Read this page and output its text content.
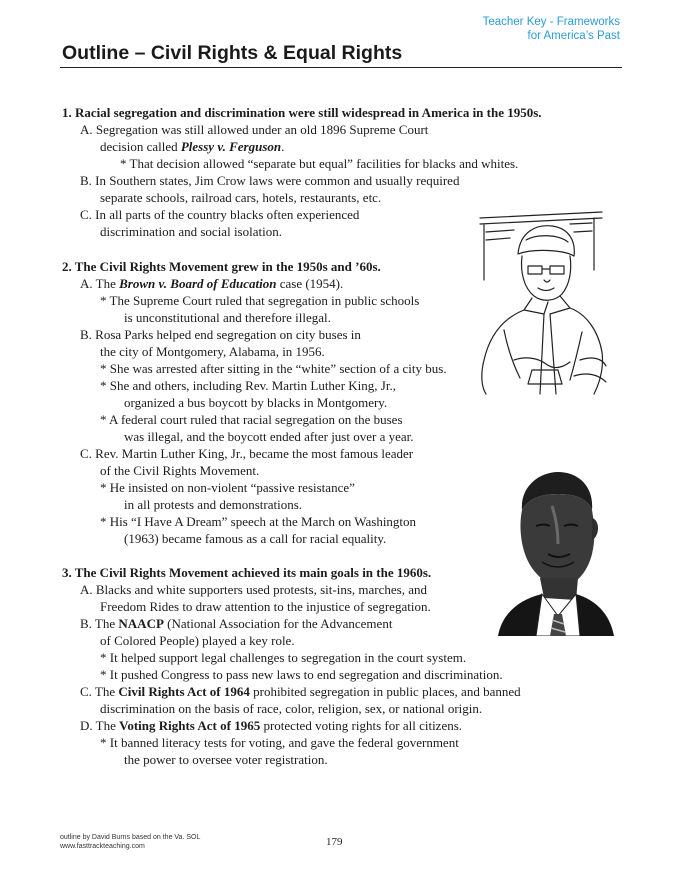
Teacher Key - Frameworks
for America’s Past
Outline – Civil Rights & Equal Rights
1. Racial segregation and discrimination were still widespread in America in the 1950s.
A. Segregation was still allowed under an old 1896 Supreme Court
decision called Plessy v. Ferguson.
* That decision allowed “separate but equal” facilities for blacks and whites.
B. In Southern states, Jim Crow laws were common and usually required
separate schools, railroad cars, hotels, restaurants, etc.
C. In all parts of the country blacks often experienced
discrimination and social isolation.
2. The Civil Rights Movement grew in the 1950s and ’60s.
A. The Brown v. Board of Education case (1954).
* The Supreme Court ruled that segregation in public schools
is unconstitutional and therefore illegal.
B. Rosa Parks helped end segregation on city buses in
the city of Montgomery, Alabama, in 1956.
* She was arrested after sitting in the “white” section of a city bus.
* She and others, including Rev. Martin Luther King, Jr.,
organized a bus boycott by blacks in Montgomery.
* A federal court ruled that racial segregation on the buses
was illegal, and the boycott ended after just over a year.
C. Rev. Martin Luther King, Jr., became the most famous leader
of the Civil Rights Movement.
* He insisted on non-violent “passive resistance”
in all protests and demonstrations.
* His “I Have A Dream” speech at the March on Washington
(1963) became famous as a call for racial equality.
3. The Civil Rights Movement achieved its main goals in the 1960s.
A. Blacks and white supporters used protests, sit-ins, marches, and
Freedom Rides to draw attention to the injustice of segregation.
B. The NAACP (National Association for the Advancement
of Colored People) played a key role.
* It helped support legal challenges to segregation in the court system.
* It pushed Congress to pass new laws to end segregation and discrimination.
C. The Civil Rights Act of 1964 prohibited segregation in public places, and banned
discrimination on the basis of race, color, religion, sex, or national origin.
D. The Voting Rights Act of 1965 protected voting rights for all citizens.
* It banned literacy tests for voting, and gave the federal government
the power to oversee voter registration.
outline by David Burns based on the Va. SOL
www.fasttrackteaching.com	179
